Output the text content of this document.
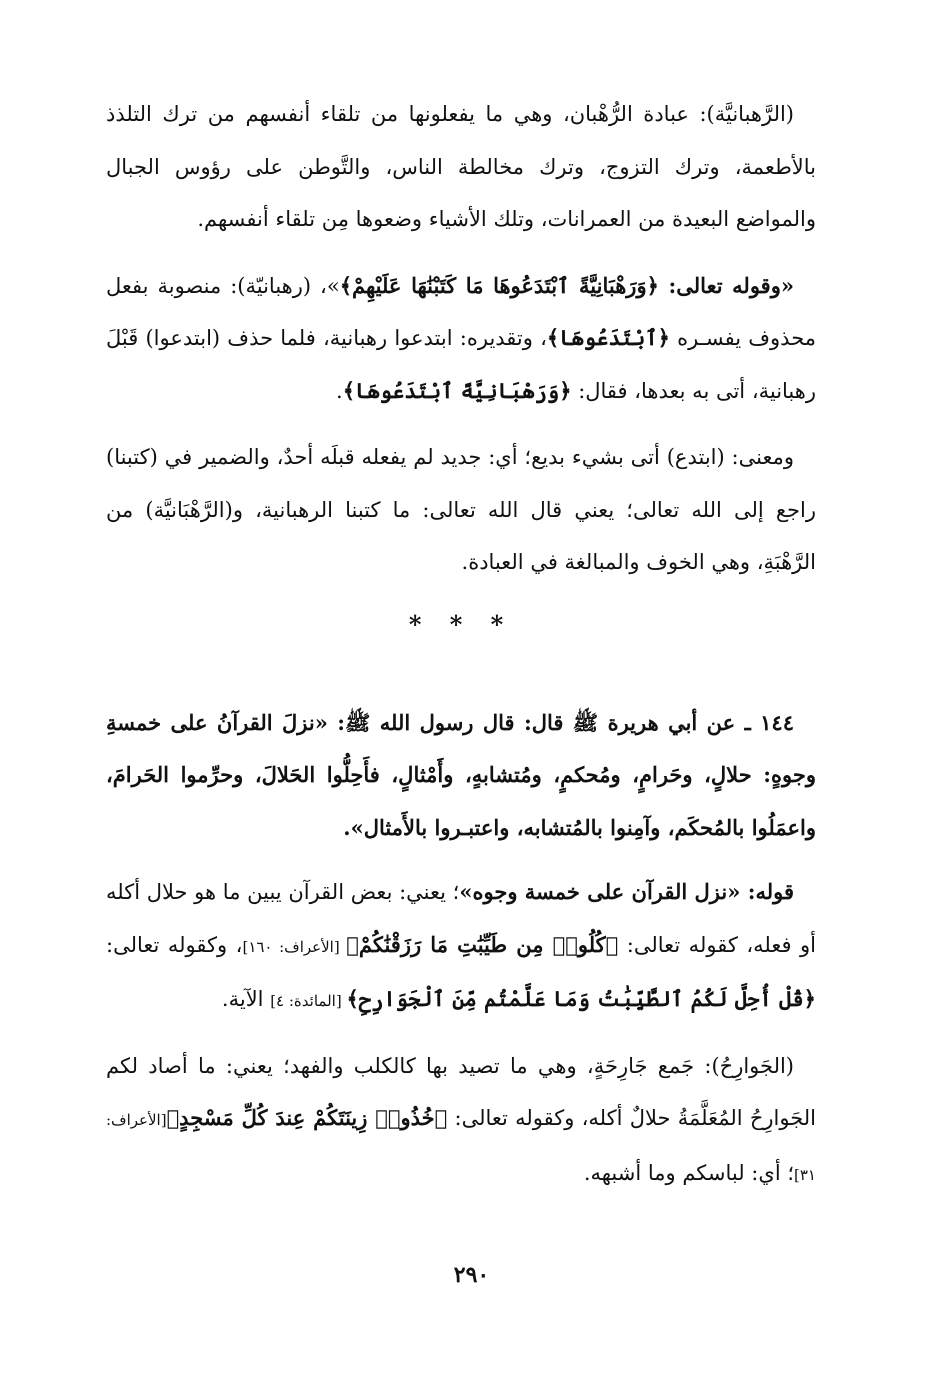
(الرَّهبانيَّة): عبادة الرُّهْبان، وهي ما يفعلونها من تلقاء أنفسهم من ترك التلذذ بالأطعمة، وترك التزوج، وترك مخالطة الناس، والتَّوطن على رؤوس الجبال والمواضع البعيدة من العمرانات، وتلك الأشياء وضعوها مِن تلقاء أنفسهم.

«وقوله تعالى: ﴿وَرَهْبَانِيَّةً ٱبْتَدَعُوهَا مَا كَتَبْنَٰهَا عَلَيْهِمْ﴾»، (رهبانيّة): منصوبة بفعل محذوف يفسـره ﴿ٱبْتَدَعُوهَا﴾، وتقديره: ابتدعوا رهبانية، فلما حذف (ابتدعوا) قَبْلَ رهبانية، أتى به بعدها، فقال: ﴿وَرَهْبَانِيَّةً ٱبْتَدَعُوهَا﴾.

ومعنى: (ابتدع) أتى بشيء بديع؛ أي: جديد لم يفعله قبلَه أحدٌ، والضمير في (كتبنا) راجع إلى الله تعالى؛ يعني قال الله تعالى: ما كتبنا الرهبانية، و(الرَّهْبَانيَّة) من الرَّهْبَةِ، وهي الخوف والمبالغة في العبادة.

* * *

١٤٤ ـ عن أبي هريرة ﷺ قال: قال رسول الله ﷺ: «نزلَ القرآنُ على خمسةِ وجوهٍ: حلالٍ، وحَرامٍ، ومُحكمٍ، ومُتشابهٍ، وأَمْثالٍ، فأَحِلُّوا الحَلالَ، وحرِّموا الحَرامَ، واعمَلُوا بالمُحكَم، وآمِنوا بالمُتشابه، واعتبـروا بالأَمثال».

قوله: «نزل القرآن على خمسة وجوه»؛ يعني: بعض القرآن يبين ما هو حلال أكله أو فعله، كقوله تعالى: ﴿كُلُوا۟ مِن طَيِّبَٰتِ مَا رَزَقْنَٰكُمْ﴾ [الأعراف: ١٦٠]، وكقوله تعالى: ﴿قُلْ أُحِلَّ لَكُمُ ٱلطَّيِّبَٰتُ وَمَا عَلَّمْتُم مِّنَ ٱلْجَوَارِحِ﴾ [المائدة: ٤] الآية.

(الجَوارِحُ): جَمع جَارِحَةٍ، وهي ما تصيد بها كالكلب والفهد؛ يعني: ما أصاد لكم الجَوارِحُ المُعَلَّمَةُ حلالٌ أكله، وكقوله تعالى: ﴿خُذُوا۟ زِينَتَكُمْ عِندَ كُلِّ مَسْجِدٍ﴾[الأعراف: ٣١]؛ أي: لباسكم وما أشبهه.

٢٩٠
